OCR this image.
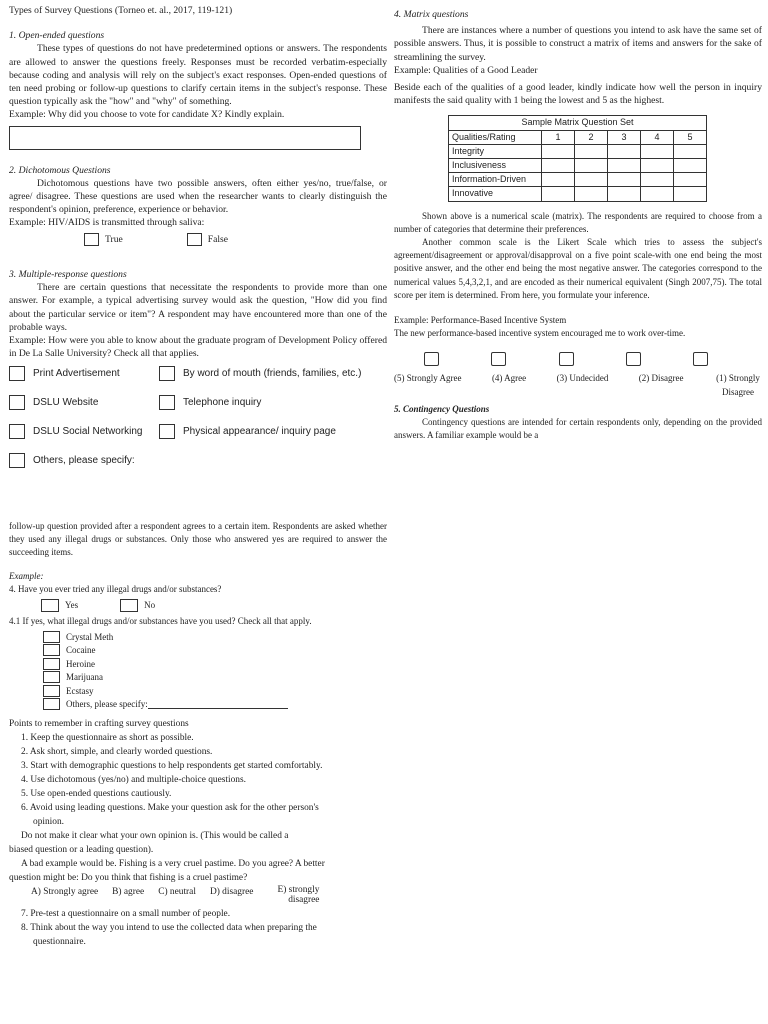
Types of Survey Questions (Torneo et. al., 2017, 119-121)

1. Open-ended questions

These types of questions do not have predetermined options or answers. The respondents are allowed to answer the questions freely. Responses must be recorded verbatim-especially because coding and analysis will rely on the subject's exact responses. Open-ended questions of ten need probing or follow-up questions to clarify certain items in the subject's response. These question typically ask the "how" and "why" of something.

Example: Why did you choose to vote for candidate X? Kindly explain.

2. Dichotomous Questions

Dichotomous questions have two possible answers, often either yes/no, true/false, or agree/ disagree. These questions are used when the researcher wants to clearly distinguish the respondent's opinion, preference, experience or behavior.

Example: HIV/AIDS is transmitted through saliva:

True	False

3. Multiple-response questions

There are certain questions that necessitate the respondents to provide more than one answer. For example, a typical advertising survey would ask the question, "How did you find about the particular service or item"? A respondent may have encountered more than one of the probable ways.

Example: How were you able to know about the graduate program of Development Policy offered in De La Salle University? Check all that applies.

Print Advertisement	By word of mouth (friends, families, etc.)
DSLU Website	Telephone inquiry
DSLU Social Networking	Physical appearance/ inquiry page
Others, please specify:

4. Matrix questions

There are instances where a number of questions you intend to ask have the same set of possible answers. Thus, it is possible to construct a matrix of items and answers for the sake of streamlining the survey.

Example: Qualities of a Good Leader

Beside each of the qualities of a good leader, kindly indicate how well the person in inquiry manifests the said quality with 1 being the lowest and 5 as the highest.

Sample Matrix Question Set					
Qualities/Rating	1	2	3	4	5
Integrity					
Inclusiveness					
Information-Driven					
Innovative					

Shown above is a numerical scale (matrix). The respondents are required to choose from a number of categories that determine their preferences.

Another common scale is the Likert Scale which tries to assess the subject's agreement/disagreement or approval/disapproval on a five point scale-with one end being the most positive answer, and the other end being the most negative answer. The categories correspond to the numerical values 5,4,3,2,1, and are encoded as their numerical equivalent (Singh 2007,75). The total score per item is determined. From here, you formulate your inference.

Example: Performance-Based Incentive System

The new performance-based incentive system encouraged me to work over-time.

(5) Strongly Agree	(4) Agree	(3) Undecided	(2) Disagree	(1) Strongly Disagree

5. Contingency Questions

Contingency questions are intended for certain respondents only, depending on the provided answers. A familiar example would be a

follow-up question provided after a respondent agrees to a certain item. Respondents are asked whether they used any illegal drugs or substances. Only those who answered yes are required to answer the succeeding items.

Example:

4. Have you ever tried any illegal drugs and/or substances?

Yes	No

4.1 If yes, what illegal drugs and/or substances have you used? Check all that apply.

Crystal Meth
Cocaine
Heroine
Marijuana
Ecstasy
Others, please specify:

Points to remember in crafting survey questions

1. Keep the questionnaire as short as possible.

2. Ask short, simple, and clearly worded questions.

3. Start with demographic questions to help respondents get started comfortably.

4. Use dichotomous (yes/no) and multiple-choice questions.

5. Use open-ended questions cautiously.

6. Avoid using leading questions. Make your question ask for the other person's

opinion.

Do not make it clear what your own opinion is. (This would be called a

biased question or a leading question).

A bad example would be. Fishing is a very cruel pastime. Do you agree? A better

question might be: Do you think that fishing is a cruel pastime?

A) Strongly agree B) agree C) neutral D) disagree	E) strongly disagree

7. Pre-test a questionnaire on a small number of people.

8. Think about the way you intend to use the collected data when preparing the

questionnaire.
